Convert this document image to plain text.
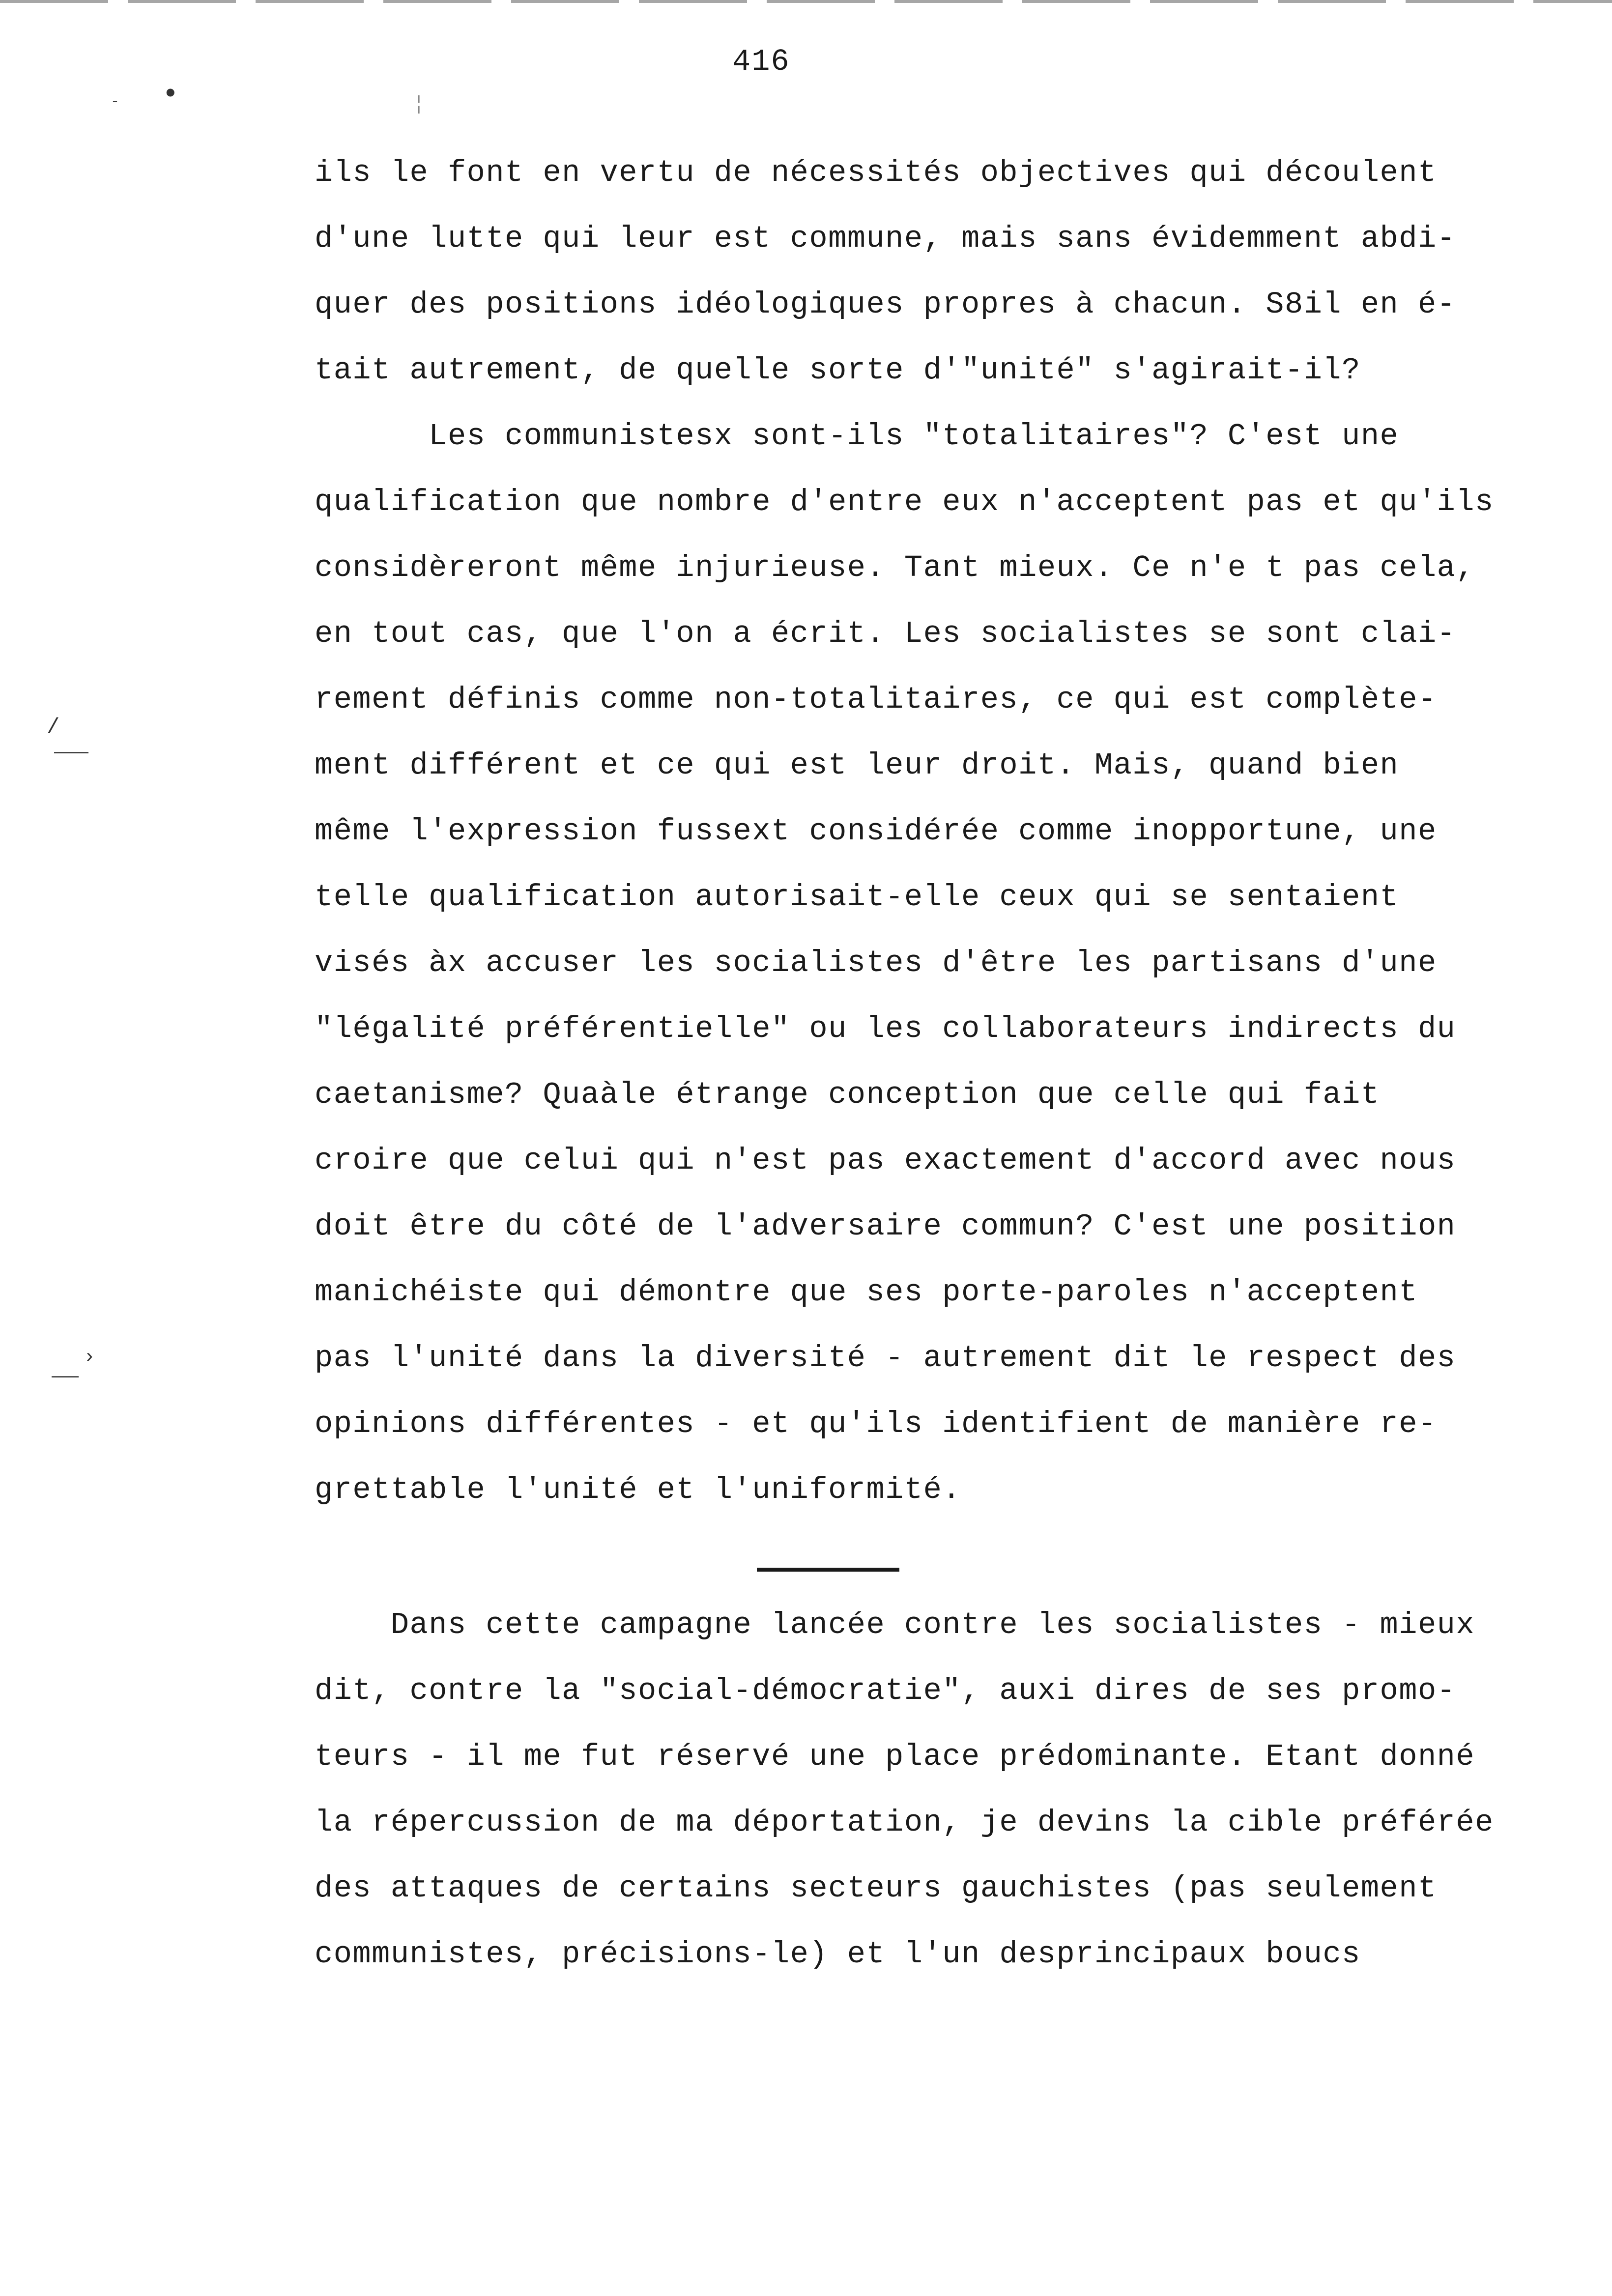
416
•
-	¦
/
›
ils le font en vertu de nécessités objectives qui découlent
d'une lutte qui leur est commune, mais sans évidemment abdi-
quer des positions idéologiques propres à chacun. S8il en é-
tait autrement, de quelle sorte d'"unité" s'agirait-il?
Les communistesx sont-ils "totalitaires"? C'est une
qualification que nombre d'entre eux n'acceptent pas et qu'ils
considèreront même injurieuse. Tant mieux. Ce n'e t pas cela,
en tout cas, que l'on a écrit. Les socialistes se sont clai-
rement définis comme non-totalitaires, ce qui est complète-
ment différent et ce qui est leur droit. Mais, quand bien
même l'expression fussext considérée comme inopportune, une
telle qualification autorisait-elle ceux qui se sentaient
visés àx accuser les socialistes d'être les partisans d'une
"légalité préférentielle" ou les collaborateurs indirects du
caetanisme? Quaàle étrange conception que celle qui fait
croire que celui qui n'est pas exactement d'accord avec nous
doit être du côté de l'adversaire commun? C'est une position
manichéiste qui démontre que ses porte-paroles n'acceptent
pas l'unité dans la diversité - autrement dit le respect des
opinions différentes - et qu'ils identifient de manière re-
grettable l'unité et l'uniformité.
Dans cette campagne lancée contre les socialistes - mieux
dit, contre la "social-démocratie", auxi dires de ses promo-
teurs - il me fut réservé une place prédominante. Etant donné
la répercussion de ma déportation, je devins la cible préférée
des attaques de certains secteurs gauchistes (pas seulement
communistes, précisions-le) et l'un desprincipaux boucs
